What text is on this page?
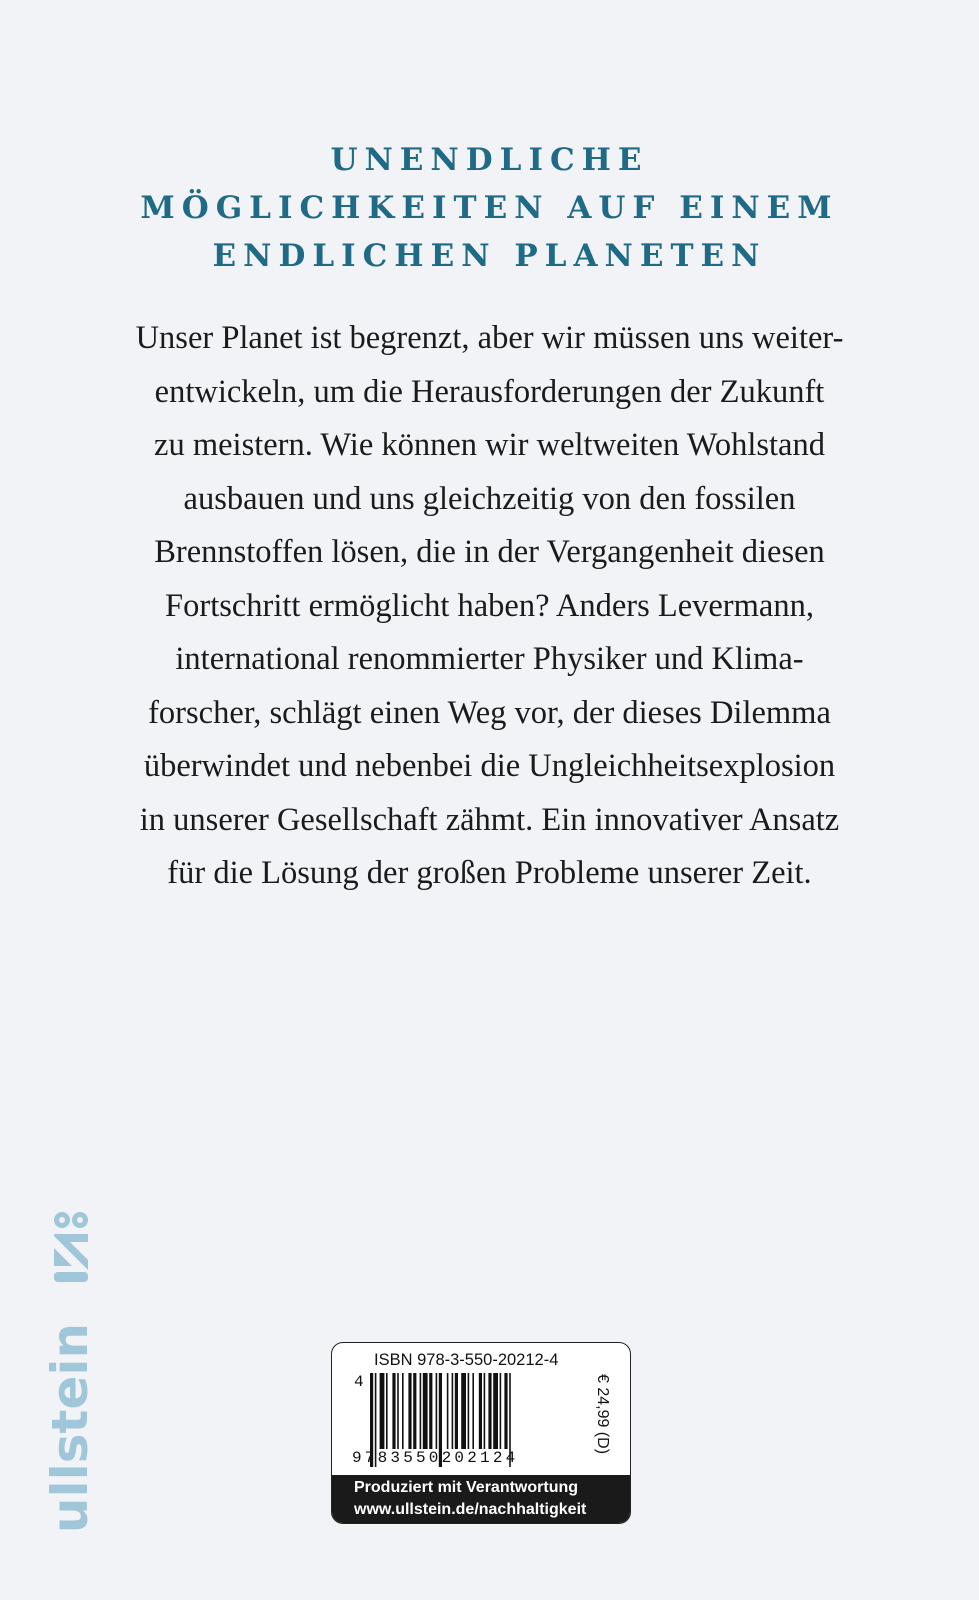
UNENDLICHE
MÖGLICHKEITEN AUF EINEM
ENDLICHEN PLANETEN
Unser Planet ist begrenzt, aber wir müssen uns weiter-
entwickeln, um die Herausforderungen der Zukunft
zu meistern. Wie können wir weltweiten Wohlstand
ausbauen und uns gleichzeitig von den fossilen
Brennstoffen lösen, die in der Vergangenheit diesen
Fortschritt ermöglicht haben? Anders Levermann,
international renommierter Physiker und Klima-
forscher, schlägt einen Weg vor, der dieses Dilemma
überwindet und nebenbei die Ungleichheitsexplosion
in unserer Gesellschaft zähmt. Ein innovativer Ansatz
für die Lösung der großen Probleme unserer Zeit.
ullstein	ISBN 978-3-550-20212-4
4
9783550202124
€ 24,99 (D)
Produziert mit Verantwortung
www.ullstein.de/nachhaltigkeit
